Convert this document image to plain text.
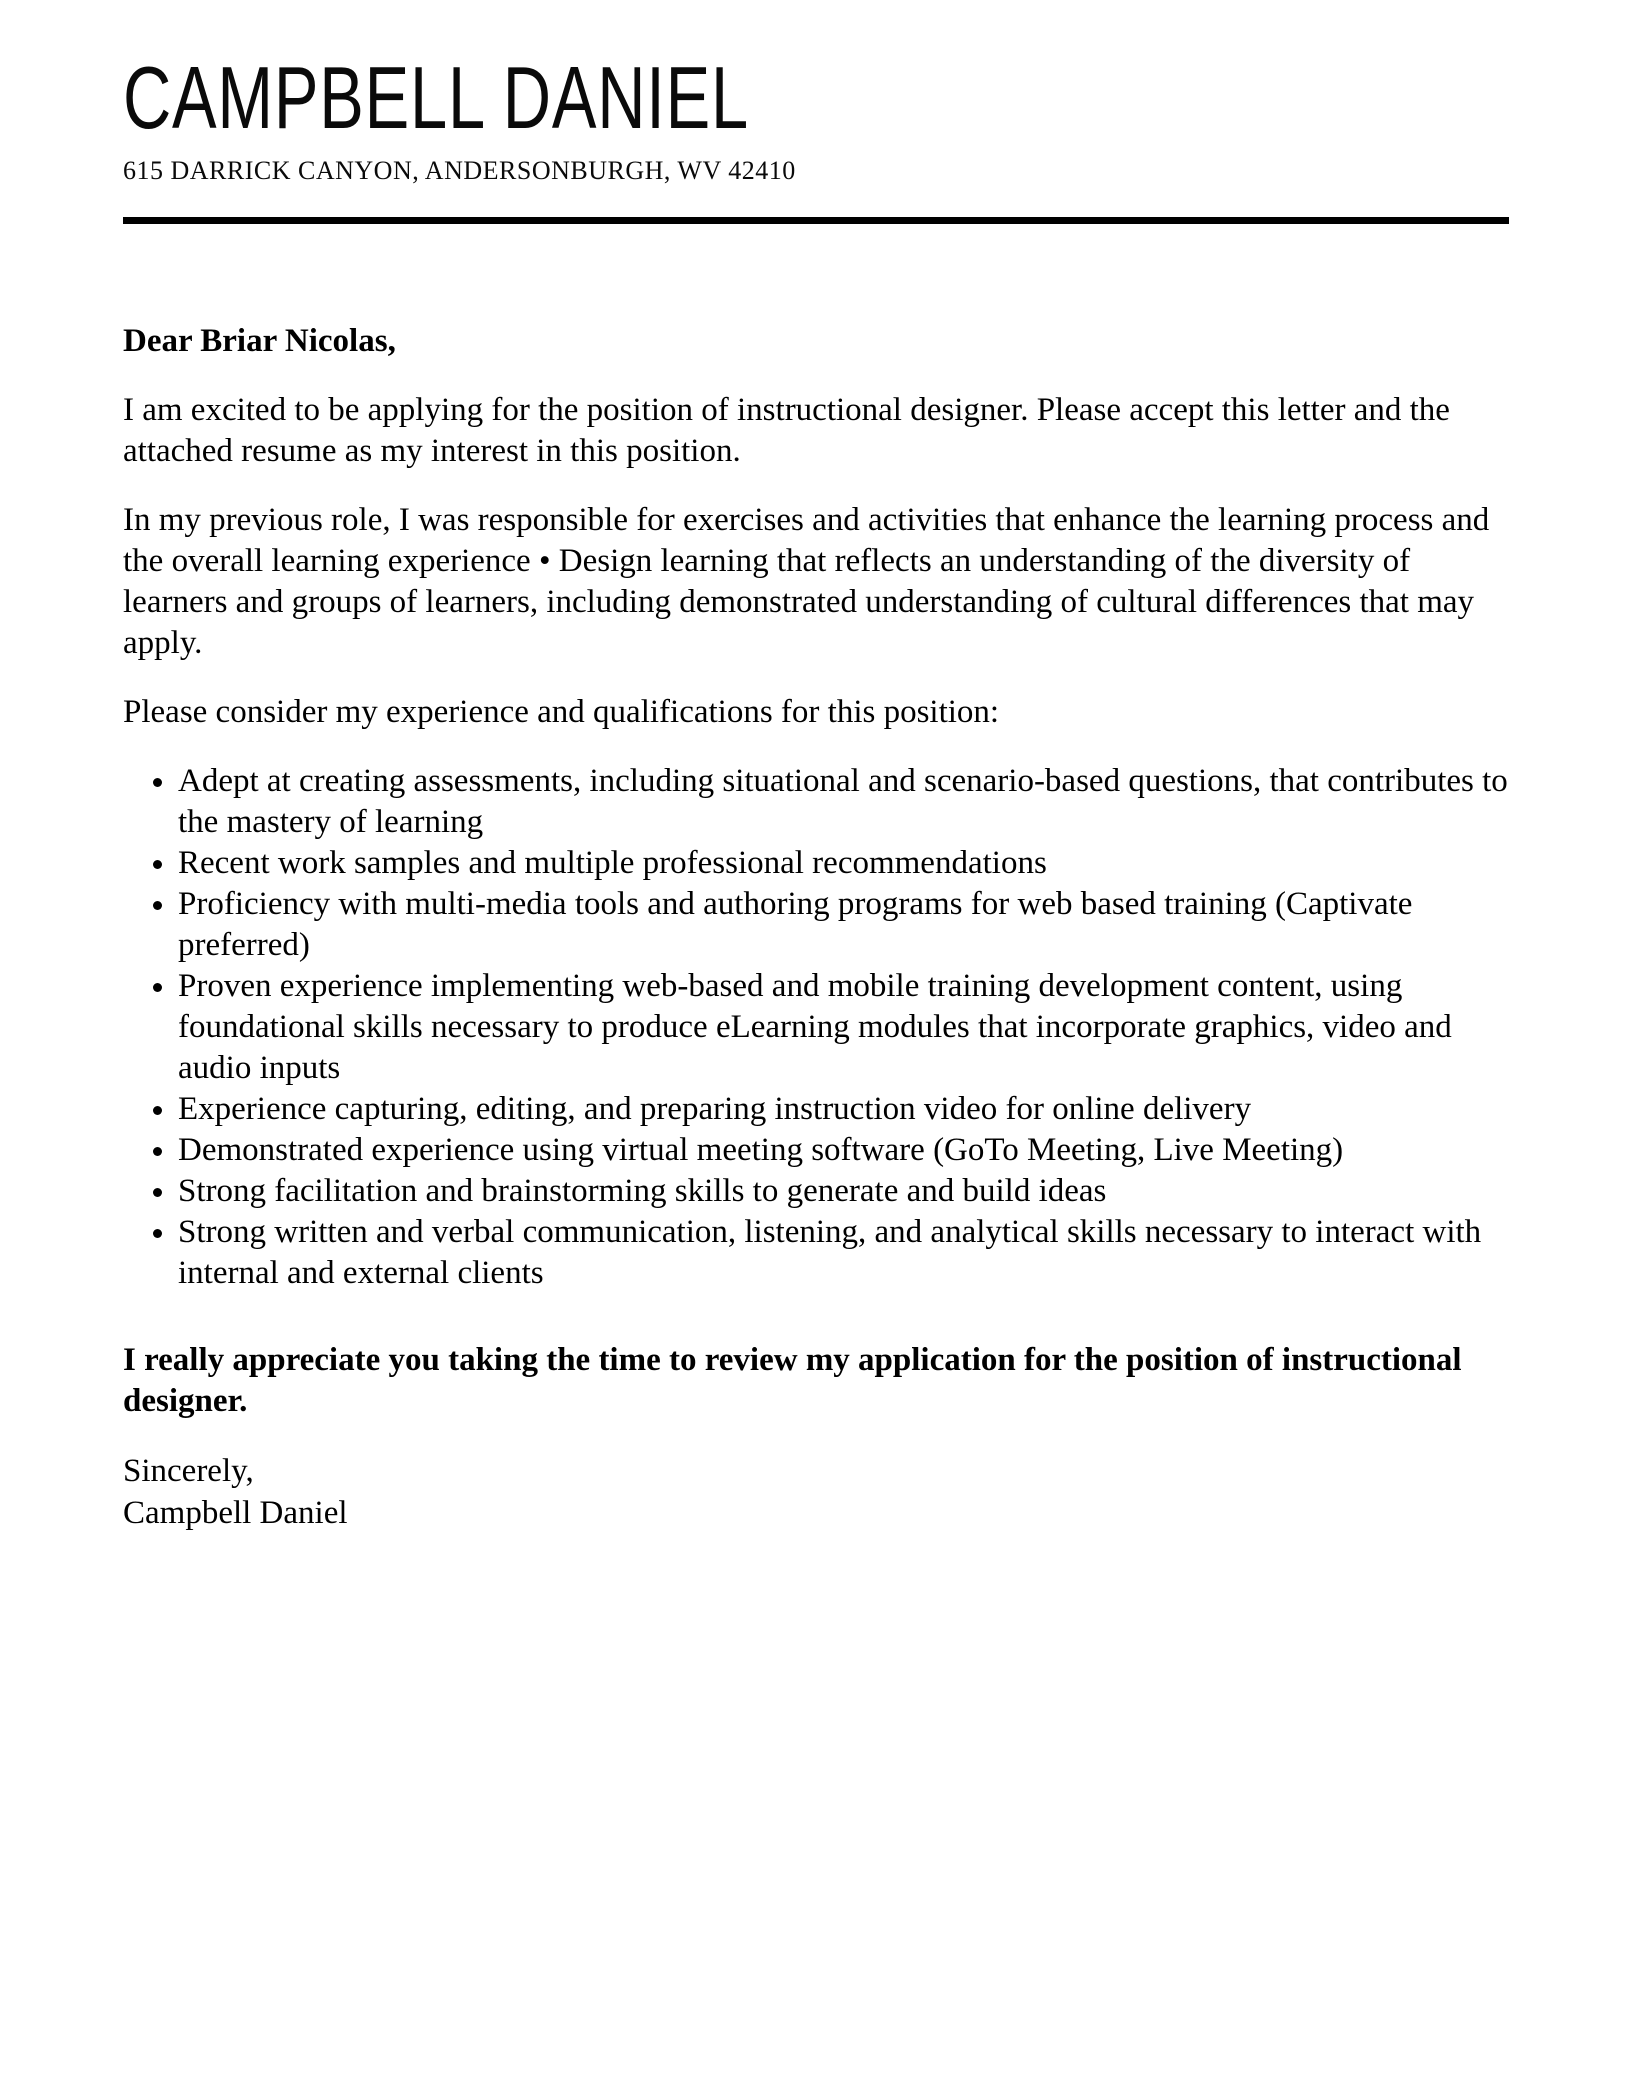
CAMPBELL DANIEL
615 DARRICK CANYON, ANDERSONBURGH, WV 42410

Dear Briar Nicolas,

I am excited to be applying for the position of instructional designer. Please accept this letter and the attached resume as my interest in this position.

In my previous role, I was responsible for exercises and activities that enhance the learning process and the overall learning experience • Design learning that reflects an understanding of the diversity of learners and groups of learners, including demonstrated understanding of cultural differences that may apply.

Please consider my experience and qualifications for this position:

• Adept at creating assessments, including situational and scenario-based questions, that contributes to the mastery of learning
• Recent work samples and multiple professional recommendations
• Proficiency with multi-media tools and authoring programs for web based training (Captivate preferred)
• Proven experience implementing web-based and mobile training development content, using foundational skills necessary to produce eLearning modules that incorporate graphics, video and audio inputs
• Experience capturing, editing, and preparing instruction video for online delivery
• Demonstrated experience using virtual meeting software (GoTo Meeting, Live Meeting)
• Strong facilitation and brainstorming skills to generate and build ideas
• Strong written and verbal communication, listening, and analytical skills necessary to interact with internal and external clients

I really appreciate you taking the time to review my application for the position of instructional designer.

Sincerely,
Campbell Daniel
